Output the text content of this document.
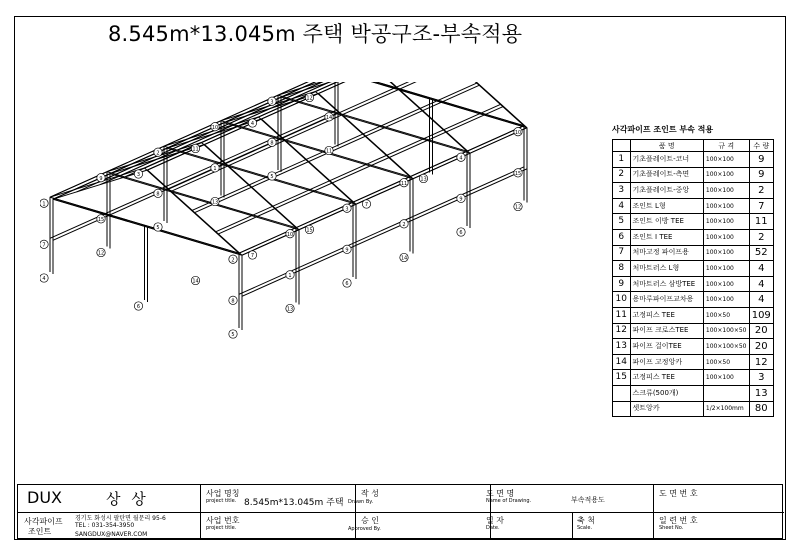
8.545m*13.045m 주택 박공구조-부속적용
1
2
3
4
5
6
7
8
9
10
11
12
13
14
15
1
2
3
4
5
6
7
8
9
10
11
12
13
14
15
1
2
3
4
5
6
7
8
9
10
11
12
13
14
15
사각파이프 조인트 부속 적용
	품 명	규 격	수 량
1	기초플레이트-코너	100×100	9
2	기초플레이트-측면	100×100	9
3	기초플레이트-중앙	100×100	2
4	조인트 L형	100×100	7
5	조인트 이방 TEE	100×100	11
6	조인트 I TEE	100×100	2
7	처마고정 파이프용	100×100	52
8	처마트러스 L형	100×100	4
9	처마트러스 삼방TEE	100×100	4
10	용마루파이프교차용	100×100	4
11	고정피스 TEE	100×50	109
12	파이프 크로스TEE	100×100×50	20
13	파이프 걸이TEE	100×100×50	20
14	파이프 고정앙카	100×50	12
15	고정피스 TEE	100×100	3
	스크류(500개)		13
	셋트앙카	1/2×100mm	80
DUX	상 상
사각파이프
조인트
경기도 화성시 팔탄면 월문리 95-6
TEL : 031-354-3950
SANGDUX@NAVER.COM
사업 명칭
project title. 8.545m*13.045m 주택
사업 번호
project title.
작 성
Drawn By.
승 인
Approved By.
도 면 명
Name of Drawing.	부속적용도
일 자
Date.
축 척
Scale.
도 면 번 호
일 련 번 호
Sheet No.
